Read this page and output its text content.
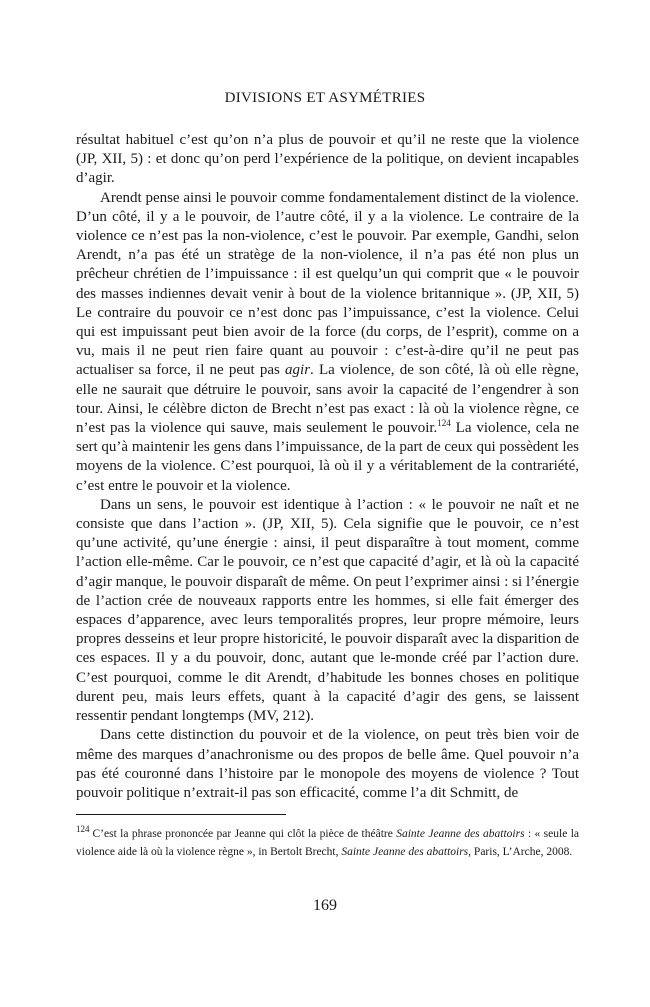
DIVISIONS ET ASYMÉTRIES

résultat habituel c’est qu’on n’a plus de pouvoir et qu’il ne reste que la violence (JP, XII, 5) : et donc qu’on perd l’expérience de la politique, on devient incapables d’agir.

Arendt pense ainsi le pouvoir comme fondamentalement distinct de la violence. D’un côté, il y a le pouvoir, de l’autre côté, il y a la violence. Le contraire de la violence ce n’est pas la non-violence, c’est le pouvoir. Par exemple, Gandhi, selon Arendt, n’a pas été un stratège de la non-violence, il n’a pas été non plus un prêcheur chrétien de l’impuissance : il est quelqu’un qui comprit que « le pouvoir des masses indiennes devait venir à bout de la violence britannique ». (JP, XII, 5) Le contraire du pouvoir ce n’est donc pas l’impuissance, c’est la violence. Celui qui est impuissant peut bien avoir de la force (du corps, de l’esprit), comme on a vu, mais il ne peut rien faire quant au pouvoir : c’est-à-dire qu’il ne peut pas actualiser sa force, il ne peut pas agir. La violence, de son côté, là où elle règne, elle ne saurait que détruire le pouvoir, sans avoir la capacité de l’engendrer à son tour. Ainsi, le célèbre dicton de Brecht n’est pas exact : là où la violence règne, ce n’est pas la violence qui sauve, mais seulement le pouvoir.$^{124}$ La violence, cela ne sert qu’à maintenir les gens dans l’impuissance, de la part de ceux qui possèdent les moyens de la violence. C’est pourquoi, là où il y a véritablement de la contrariété, c’est entre le pouvoir et la violence.

Dans un sens, le pouvoir est identique à l’action : « le pouvoir ne naît et ne consiste que dans l’action ». (JP, XII, 5). Cela signifie que le pouvoir, ce n’est qu’une activité, qu’une énergie : ainsi, il peut disparaître à tout moment, comme l’action elle-même. Car le pouvoir, ce n’est que capacité d’agir, et là où la capacité d’agir manque, le pouvoir disparaît de même. On peut l’exprimer ainsi : si l’énergie de l’action crée de nouveaux rapports entre les hommes, si elle fait émerger des espaces d’apparence, avec leurs temporalités propres, leur propre mémoire, leurs propres desseins et leur propre historicité, le pouvoir disparaît avec la disparition de ces espaces. Il y a du pouvoir, donc, autant que le-monde créé par l’action dure. C’est pourquoi, comme le dit Arendt, d’habitude les bonnes choses en politique durent peu, mais leurs effets, quant à la capacité d’agir des gens, se laissent ressentir pendant longtemps (MV, 212).

Dans cette distinction du pouvoir et de la violence, on peut très bien voir de même des marques d’anachronisme ou des propos de belle âme. Quel pouvoir n’a pas été couronné dans l’histoire par le monopole des moyens de violence ? Tout pouvoir politique n’extrait-il pas son efficacité, comme l’a dit Schmitt, de

$^{124}$ C’est la phrase prononcée par Jeanne qui clôt la pièce de théâtre Sainte Jeanne des abattoirs : « seule la violence aide là où la violence règne », in Bertolt Brecht, Sainte Jeanne des abattoirs, Paris, L’Arche, 2008.
169
